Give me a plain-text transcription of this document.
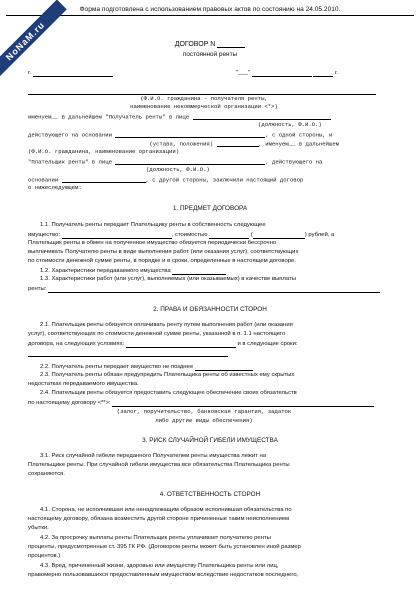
Форма подготовлена с использованием правовых актов по состоянию на 24.05.2010.
NoNaM.ru	ДОГОВОР N
постоянной ренты
г.	"___"	г.
(Ф.И.О. гражданина - получателя ренты,
наименование некоммерческой организации <*>)
именуем__ в дальнейшем "Получатель ренты" в лице
(должность, Ф.И.О.)
действующего на основании	, с одной стороны, и
(устава, положения)	, именуем__ в дальнейшем
(Ф.И.О. гражданина, наименование организации)
"Плательщик ренты" в лице	, действующего на
(должность, Ф.И.О.)
основании	, с другой стороны, заключили настоящий договор
о нижеследующем:
1. ПРЕДМЕТ ДОГОВОРА
1.1. Получатель ренты передает Плательщику ренты в собственность следующее
имущество:	, стоимостью	(	) рублей, а
Плательщик ренты в обмен на полученное имущество обязуется периодически бессрочно
выплачивать Получателю ренты в виде выполнения работ (или оказания услуг), соответствующих
по стоимости денежной сумме ренты, в порядке и в сроки, определенные в настоящем договоре.
1.2. Характеристики передаваемого имущества
1.3. Характеристики работ (или услуг), выполняемых (или оказываемых) в качестве выплаты
ренты:
2. ПРАВА И ОБЯЗАННОСТИ СТОРОН
2.1. Плательщик ренты обязуется оплачивать ренту путем выполнения работ (или оказания
услуг), соответствующих по стоимости денежной сумме ренты, указанной в п. 1.1 настоящего
договора, на следующих условиях:	и в следующие сроки:
2.2. Получатель ренты передает имущество не позднее
2.3. Получатель ренты обязан предупредить Плательщика ренты об известных ему скрытых
недостатках передаваемого имущества.
2.4. Плательщик ренты обязуется предоставить следующее обеспечение своих обязательств
по настоящему договору <**>:
(залог, поручительство, банковская гарантия, задаток
либо другие виды обеспечения)
3. РИСК СЛУЧАЙНОЙ ГИБЕЛИ ИМУЩЕСТВА
3.1. Риск случайной гибели переданного Получателем ренты имущества лежит на
Плательщике ренты. При случайной гибели имущества все обязательства Плательщика ренты
сохраняются.
4. ОТВЕТСТВЕННОСТЬ СТОРОН
4.1. Сторона, не исполнившая или ненадлежащим образом исполнившая обязательства по
настоящему договору, обязана возместить другой стороне причиненные таким неисполнением
убытки.
4.2. За просрочку выплаты ренты Плательщик ренты уплачивает получателю ренты
проценты, предусмотренные ст. 395 ГК РФ. (Договором ренты может быть установлен иной размер
процентов.)
4.3. Вред, причиненный жизни, здоровью или имуществу Плательщика ренты или лиц,
правомерно пользовавшихся предоставленным имуществом вследствие недостатков последнего,
